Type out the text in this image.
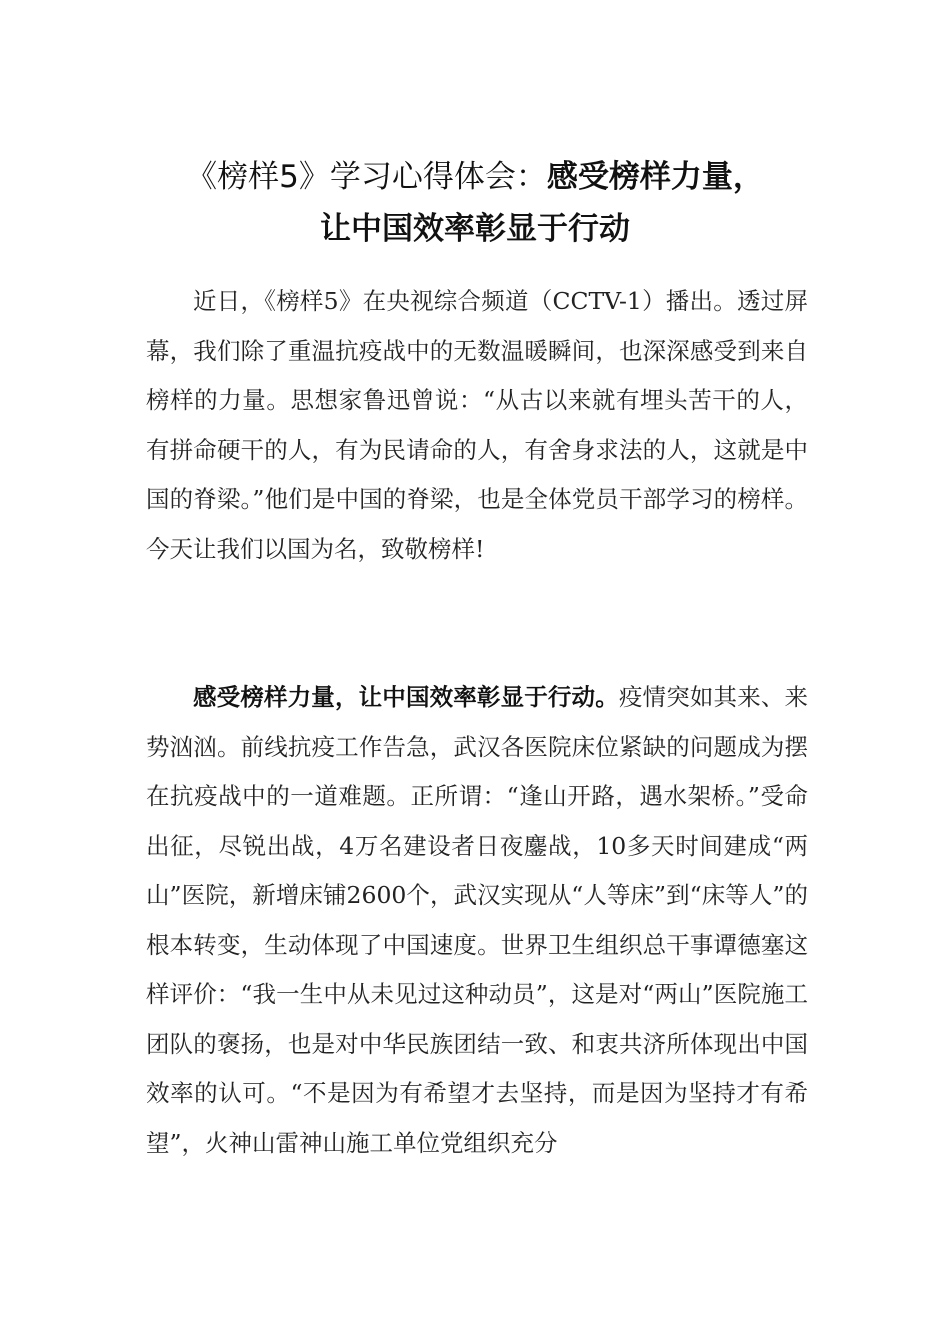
《榜样5》学习心得体会：感受榜样力量，
让中国效率彰显于行动

近日，《榜样5》在央视综合频道（CCTV-1）播出。透过屏幕，我们除了重温抗疫战中的无数温暖瞬间，也深深感受到来自榜样的力量。思想家鲁迅曾说：“从古以来就有埋头苦干的人，有拼命硬干的人，有为民请命的人，有舍身求法的人，这就是中国的脊梁。”他们是中国的脊梁，也是全体党员干部学习的榜样。今天让我们以国为名，致敬榜样!

感受榜样力量，让中国效率彰显于行动。疫情突如其来、来势汹汹。前线抗疫工作告急，武汉各医院床位紧缺的问题成为摆在抗疫战中的一道难题。正所谓：“逢山开路，遇水架桥。”受命出征，尽锐出战，4万名建设者日夜鏖战，10多天时间建成“两山”医院，新增床铺2600个，武汉实现从“人等床”到“床等人”的根本转变，生动体现了中国速度。世界卫生组织总干事谭德塞这样评价：“我一生中从未见过这种动员”，这是对“两山”医院施工团队的褒扬，也是对中华民族团结一致、和衷共济所体现出中国效率的认可。“不是因为有希望才去坚持，而是因为坚持才有希望”，火神山雷神山施工单位党组织充分
